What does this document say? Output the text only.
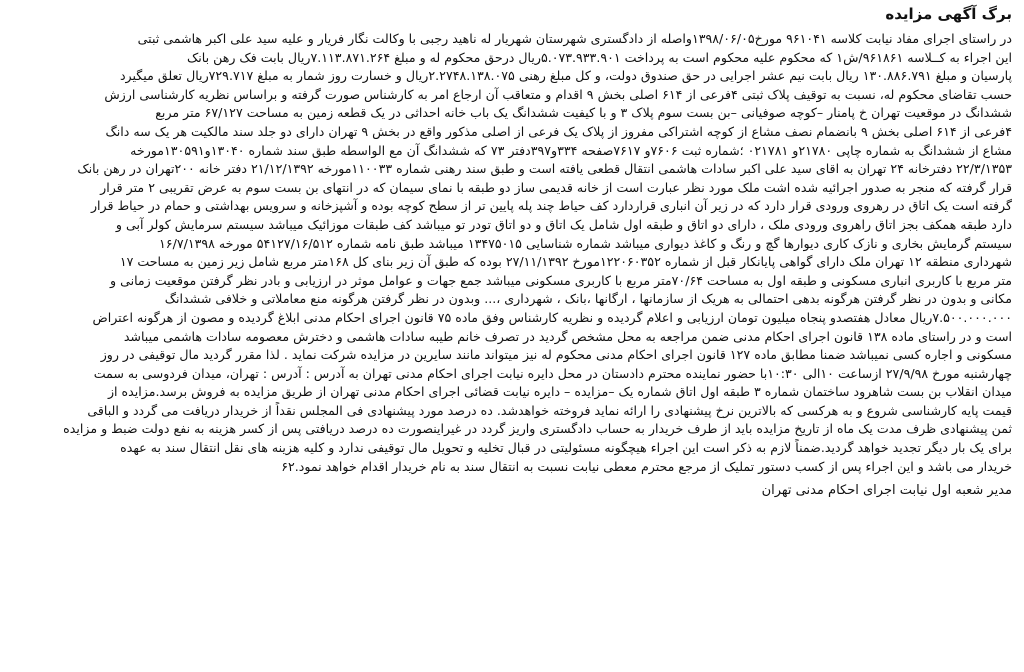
برگ آگهی مزایده
در راستای اجرای مفاد نیابت کلاسه ۹۶۱۰۴۱ مورخ۱۳۹۸/۰۶/۰۵واصله از دادگستری شهرستان شهریار له ناهید رجبی با وکالت نگار فریار و علیه سید علی اکبر هاشمی ثبتی
این اجراء به کــلاسه ۹۶۱۸۶۱/ش۱ که محکوم علیه محکوم است به پرداخت ۵.۰۷۳.۹۳۳.۹۰۱ریال درحق محکوم له و مبلغ ۷.۱۱۳.۸۷۱.۲۶۴ریال بابت فک رهن بانک
پارسیان و مبلغ ۱۳۰.۸۸۶.۷۹۱ ریال بابت نیم عشر اجرایی در حق صندوق دولت، و کل مبلغ رهنی ۲.۲۷۴۸.۱۳۸.۰۷۵ریال و خسارت روز شمار به مبلغ ۷۲۹.۷۱۷ریال تعلق میگیرد
حسب تقاضای محکوم له، نسبت به توقیف پلاک ثبتی ۴فرعی از ۶۱۴ اصلی بخش ۹ اقدام و متعاقب آن ارجاع امر به کارشناس صورت گرفته و براساس نظریه کارشناسی ارزش
ششدانگ در موقعیت تهران خ پامنار –کوچه صوفیانی –بن بست سوم پلاک ۳ و با کیفیت ششدانگ یک باب خانه احداثی در یک قطعه زمین به مساحت ۶۷/۱۲۷ متر مربع
۴فرعی از ۶۱۴ اصلی بخش ۹ بانضمام نصف مشاع از کوچه اشتراکی مفروز از پلاک یک فرعی از اصلی مذکور واقع در بخش ۹ تهران دارای دو جلد سند مالکیت هر یک سه دانگ
مشاع از ششدانگ به شماره چاپی ۲۱۷۸۰و ۰۲۱۷۸۱ ؛شماره ثبت ۷۶۰۶و ۷۶۱۷صفحه ۳۳۴و۳۹۷دفتر ۷۳ که ششدانگ آن مع الواسطه طبق سند شماره ۱۳۰۴۰و۱۳۰۵۹۱مورخه
۲۲/۳/۱۳۵۳ دفترخانه ۲۴ تهران به اقای سید علی اکبر سادات هاشمی انتقال قطعی یافته است و طبق سند رهنی شماره ۱۱۰۰۳۳مورخه ۲۱/۱۲/۱۳۹۲ دفتر خانه ۲۰۰تهران در رهن بانک
قرار گرفته که منجر به صدور اجرائیه شده اشت ملک مورد نظر عبارت است از خانه قدیمی ساز دو طبقه با نمای سیمان که در انتهای بن بست سوم به عرض تقریبی ۲ متر قرار
گرفته است یک اتاق در رهروی ورودی قرار دارد که در زیر آن انباری قراردارد کف حیاط چند پله پایین تر از سطح کوچه بوده و آشپزخانه و سرویس بهداشتی و حمام در حیاط قرار
دارد طبقه همکف بجز اتاق راهروی ورودی ملک ، دارای دو اتاق و طبقه اول شامل یک اتاق و دو اتاق تودر تو میباشد کف طبقات موزائیک میباشد سیستم سرمایش کولر آبی و
سیستم گرمایش بخاری و نازک کاری دیوارها گچ و رنگ و کاغذ دیواری میباشد شماره شناسایی ۱۳۴۷۵۰۱۵ میباشد طبق نامه شماره ۵۴۱۲۷/۱۶/۵۱۲ مورخه ۱۶/۷/۱۳۹۸
شهرداری منطقه ۱۲ تهران ملک دارای گواهی پایانکار قبل از شماره ۱۲۲۰۶۰۳۵۲مورخ ۲۷/۱۱/۱۳۹۲ بوده که طبق آن زیر بنای کل ۱۶۸متر مربع شامل زیر زمین به مساحت ۱۷
متر مربع با کاربری انباری مسکونی و طبقه اول به مساحت ۷۰/۶۴متر مربع با کاربری مسکونی میباشد جمع جهات و عوامل موثر در ارزیابی و بادر نظر گرفتن موقعیت زمانی و
مکانی و بدون در نظر گرفتن هرگونه بدهی احتمالی به هریک از سازمانها ، ارگانها ،بانک ، شهرداری ،... وبدون در نظر گرفتن هرگونه منع معاملاتی و خلافی ششدانگ
۷.۵۰۰.۰۰۰.۰۰۰ریال معادل هفتصدو پنجاه میلیون تومان ارزیابی و اعلام گردیده و نظریه کارشناس وفق ماده ۷۵ قانون اجرای احکام مدنی ابلاغ گردیده و مصون از هرگونه اعتراض
است و در راستای ماده ۱۳۸ قانون اجرای احکام مدنی ضمن مراجعه به محل مشخص گردید در تصرف خانم طیبه سادات هاشمی و دخترش معصومه سادات هاشمی میباشد
مسکونی و اجاره کسی نمیباشد ضمنا مطابق ماده ۱۲۷ قانون اجرای احکام مدنی محکوم له نیز میتواند مانند سایرین در مزایده شرکت نماید . لذا مقرر گردید مال توقیفی در روز
چهارشنبه مورخ ۲۷/۹/۹۸ ازساعت ۱۰الی ۱۰:۳۰با حضور نماینده محترم دادستان در محل دایره نیابت اجرای احکام مدنی تهران به آدرس : آدرس : تهران، میدان فردوسی به سمت
میدان انقلاب بن بست شاهرود ساختمان شماره ۳ طبقه اول اتاق شماره یک –مزایده – دایره نیابت قضائی اجرای احکام مدنی تهران از طریق مزایده به فروش برسد.مزایده از
قیمت پایه کارشناسی شروع و به هرکسی که بالاترین نرخ پیشنهادی را ارائه نماید فروخته خواهدشد. ده درصد مورد پیشنهادی فی المجلس نقداً از خریدار دریافت می گردد و الباقی
ثمن پیشنهادی ظرف مدت یک ماه از تاریخ مزایده باید از طرف خریدار به حساب دادگستری واریز گردد در غیراینصورت ده درصد دریافتی پس از کسر هزینه به نفع دولت ضبط و مزایده
برای یک بار دیگر تجدید خواهد گردید.ضمناً لازم به ذکر است این اجراء هیچگونه مسئولیتی در قبال تخلیه و تحویل مال توقیفی ندارد و کلیه هزینه های نقل انتقال سند به عهده
خریدار می باشد و این اجراء پس از کسب دستور تملیک از مرجع محترم معطی نیابت نسبت به انتقال سند به نام خریدار اقدام خواهد نمود.۶۲
مدیر شعبه اول نیابت اجرای احکام مدنی تهران
